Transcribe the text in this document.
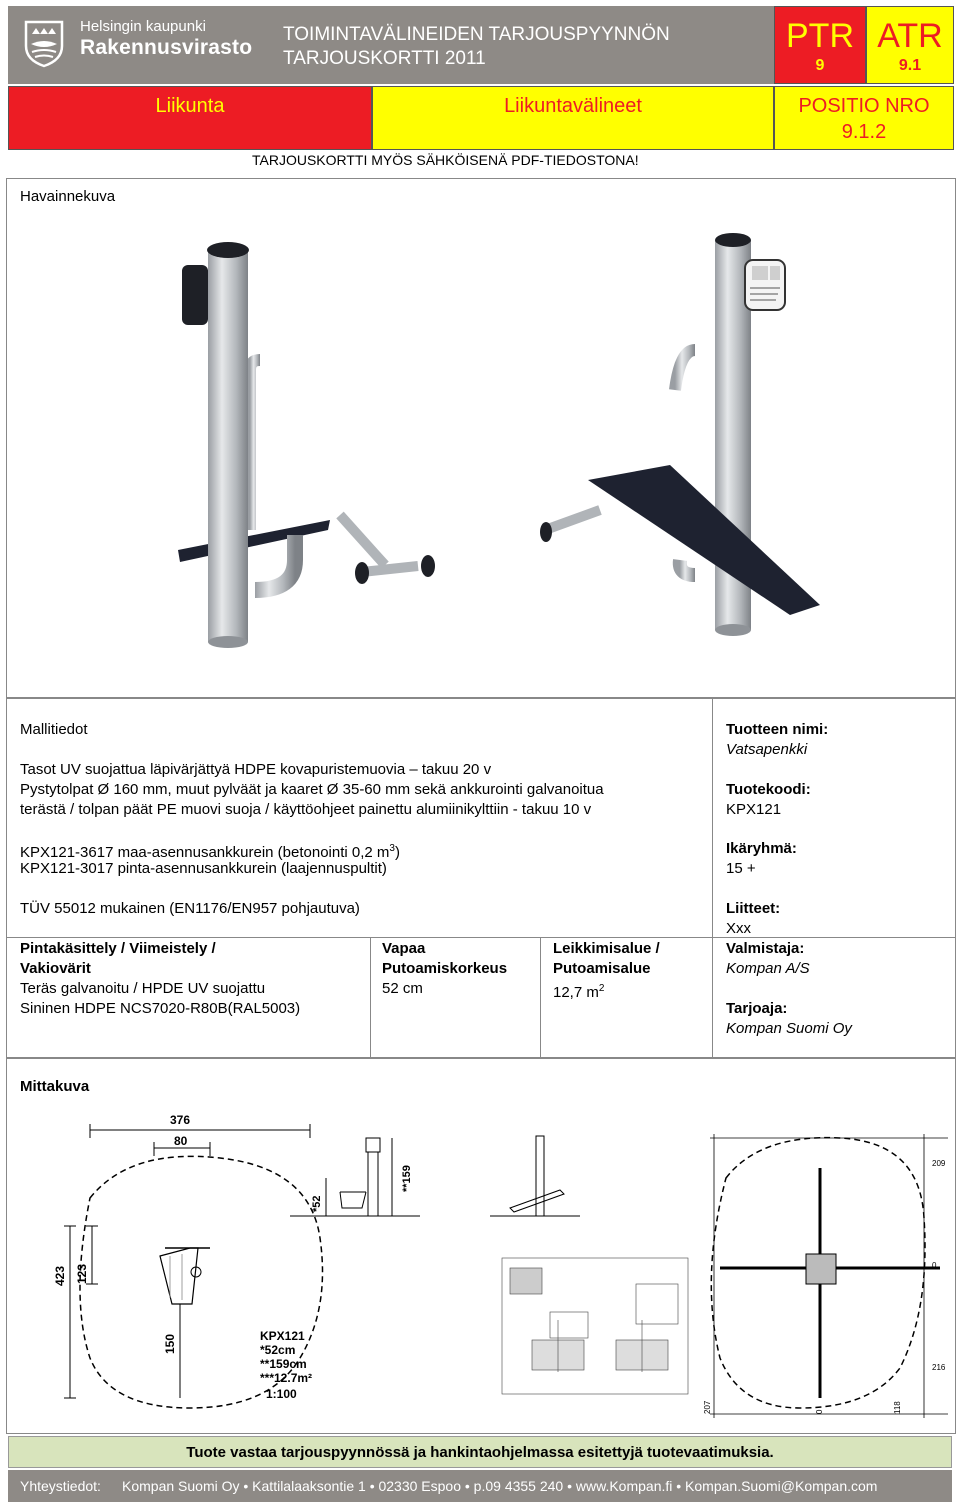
Helsingin kaupunki
Rakennusvirasto
TOIMINTAVÄLINEIDEN TARJOUSPYYNNÖN
TARJOUSKORTTI 2011
PTR
9
ATR
9.1
Liikunta	Liikuntavälineet	POSITIO NRO
9.1.2
TARJOUSKORTTI MYÖS SÄHKÖISENÄ PDF-TIEDOSTONA!
Havainnekuva
Mallitiedot
Tasot UV suojattua läpivärjättyä HDPE kovapuristemuovia – takuu 20 v
Pystytolpat Ø 160 mm, muut pylväät ja kaaret Ø 35-60 mm sekä ankkurointi galvanoitua
terästä / tolpan päät PE muovi suoja / käyttöohjeet painettu alumiinikylttiin - takuu 10 v
KPX121-3617 maa-asennusankkurein (betonointi 0,2 $m^3$)
KPX121-3017 pinta-asennusankkurein (laajennuspultit)
TÜV 55012 mukainen (EN1176/EN957 pohjautuva)
Pintakäsittely / Viimeistely /
Vakiovärit
Teräs galvanoitu / HPDE UV suojattu
Sininen HDPE NCS7020-R80B(RAL5003)
Vapaa
Putoamiskorkeus
52 cm
Leikkimisalue /
Putoamisalue
12,7 $m^2$
Tuotteen nimi:
Vatsapenkki
Tuotekoodi:
KPX121
Ikäryhmä:
15 +
Liitteet:
Xxx
Valmistaja:
Kompan A/S
Tarjoaja:
Kompan Suomi Oy
Mittakuva
376
80
423 123
150	KPX121
*52cm
**159cm
***12.7m²
1:100
*52
**159
209
216
207	118
0
0
Tuote vastaa tarjouspyynnössä ja hankintaohjelmassa esitettyjä tuotevaatimuksia.
Yhteystiedot: Kompan Suomi Oy • Kattilalaaksontie 1 • 02330 Espoo • p.09 4355 240 • www.Kompan.fi • Kompan.Suomi@Kompan.com
